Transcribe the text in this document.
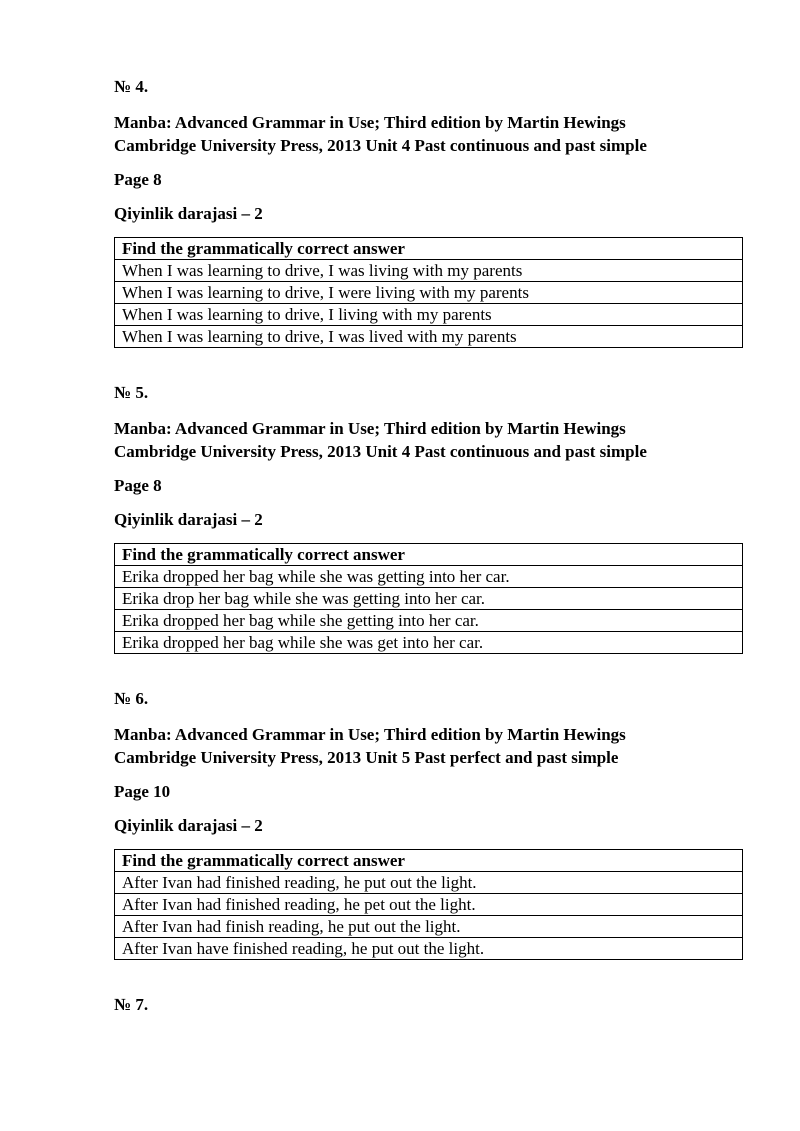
№ 4.

Manba: Advanced Grammar in Use; Third edition by Martin Hewings
Cambridge University Press, 2013 Unit 4 Past continuous and past simple

Page 8

Qiyinlik darajasi – 2

Find the grammatically correct answer
When I was learning to drive, I was living with my parents
When I was learning to drive, I were living with my parents
When I was learning to drive, I living with my parents
When I was learning to drive, I was lived with my parents

№ 5.

Manba: Advanced Grammar in Use; Third edition by Martin Hewings
Cambridge University Press, 2013 Unit 4 Past continuous and past simple

Page 8

Qiyinlik darajasi – 2

Find the grammatically correct answer
Erika dropped her bag while she was getting into her car.
Erika drop her bag while she was getting into her car.
Erika dropped her bag while she getting into her car.
Erika dropped her bag while she was get into her car.

№ 6.

Manba: Advanced Grammar in Use; Third edition by Martin Hewings
Cambridge University Press, 2013 Unit 5 Past perfect and past simple

Page 10

Qiyinlik darajasi – 2

Find the grammatically correct answer
After Ivan had finished reading, he put out the light.
After Ivan had finished reading, he pet out the light.
After Ivan had finish reading, he put out the light.
After Ivan have finished reading, he put out the light.

№ 7.
